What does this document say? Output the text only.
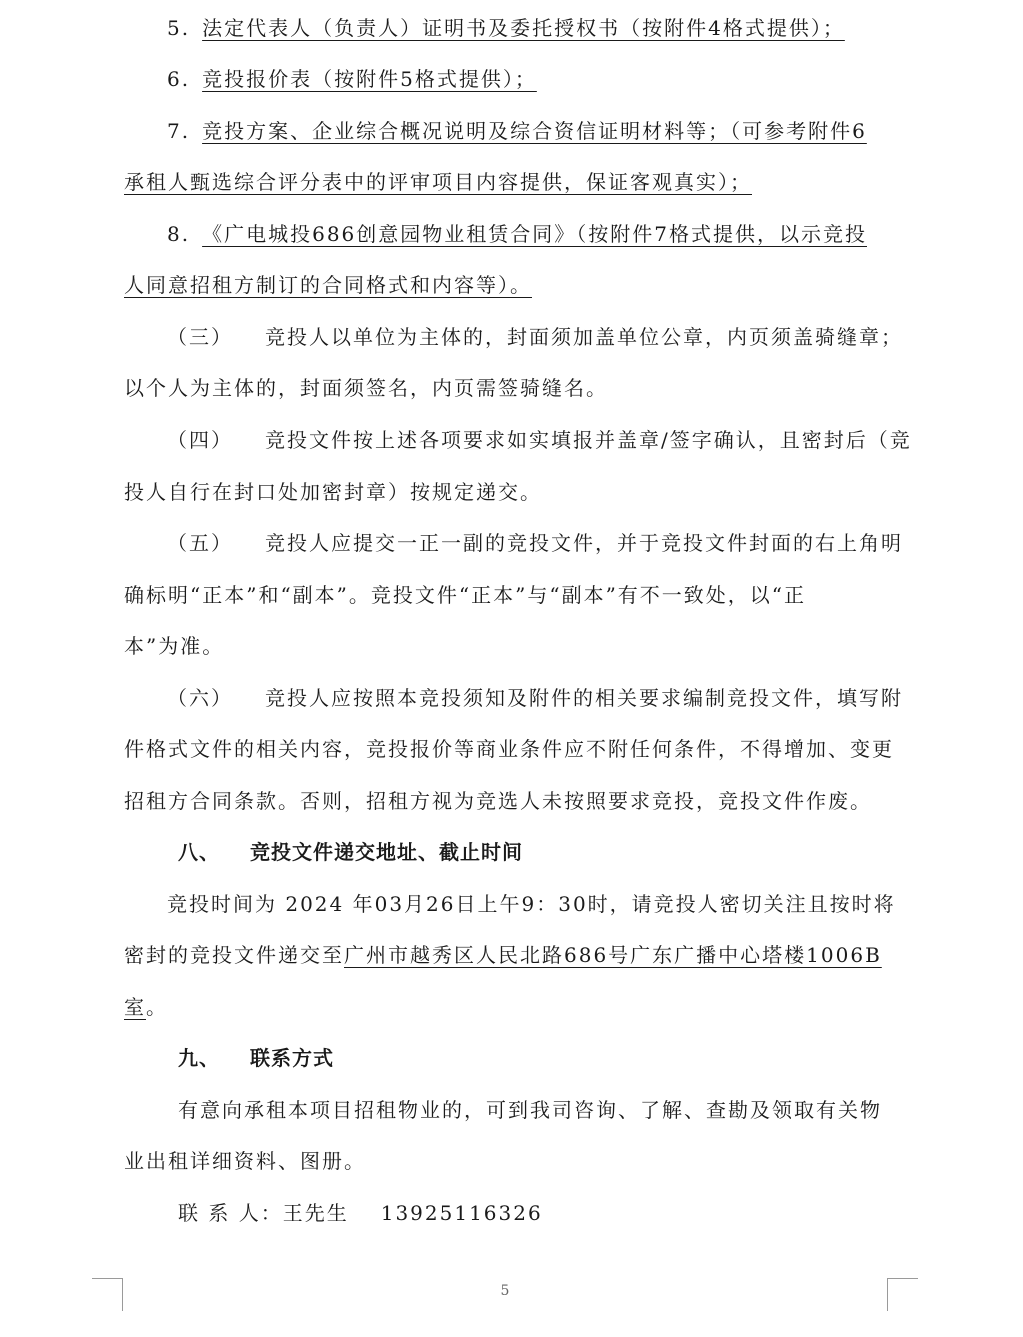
5. 法定代表人（负责人）证明书及委托授权书（按附件4格式提供）；
6. 竞投报价表（按附件5格式提供）；
7. 竞投方案、企业综合概况说明及综合资信证明材料等；（可参考附件6
承租人甄选综合评分表中的评审项目内容提供，保证客观真实）；
8. 《广电城投686创意园物业租赁合同》（按附件7格式提供，以示竞投
人同意招租方制订的合同格式和内容等）。
（三） 竞投人以单位为主体的，封面须加盖单位公章，内页须盖骑缝章；
以个人为主体的，封面须签名，内页需签骑缝名。
（四） 竞投文件按上述各项要求如实填报并盖章/签字确认，且密封后（竞
投人自行在封口处加密封章）按规定递交。
（五） 竞投人应提交一正一副的竞投文件，并于竞投文件封面的右上角明
确标明“正本”和“副本”。竞投文件“正本”与“副本”有不一致处，以“正
本”为准。
（六） 竞投人应按照本竞投须知及附件的相关要求编制竞投文件，填写附
件格式文件的相关内容，竞投报价等商业条件应不附任何条件，不得增加、变更
招租方合同条款。否则，招租方视为竞选人未按照要求竞投，竞投文件作废。
八、 竞投文件递交地址、截止时间
竞投时间为 2024 年03月26日上午9：30时，请竞投人密切关注且按时将
密封的竞投文件递交至广州市越秀区人民北路686号广东广播中心塔楼1006B
室。
九、 联系方式
有意向承租本项目招租物业的，可到我司咨询、了解、查勘及领取有关物
业出租详细资料、图册。
联 系 人：王先生 13925116326
5
